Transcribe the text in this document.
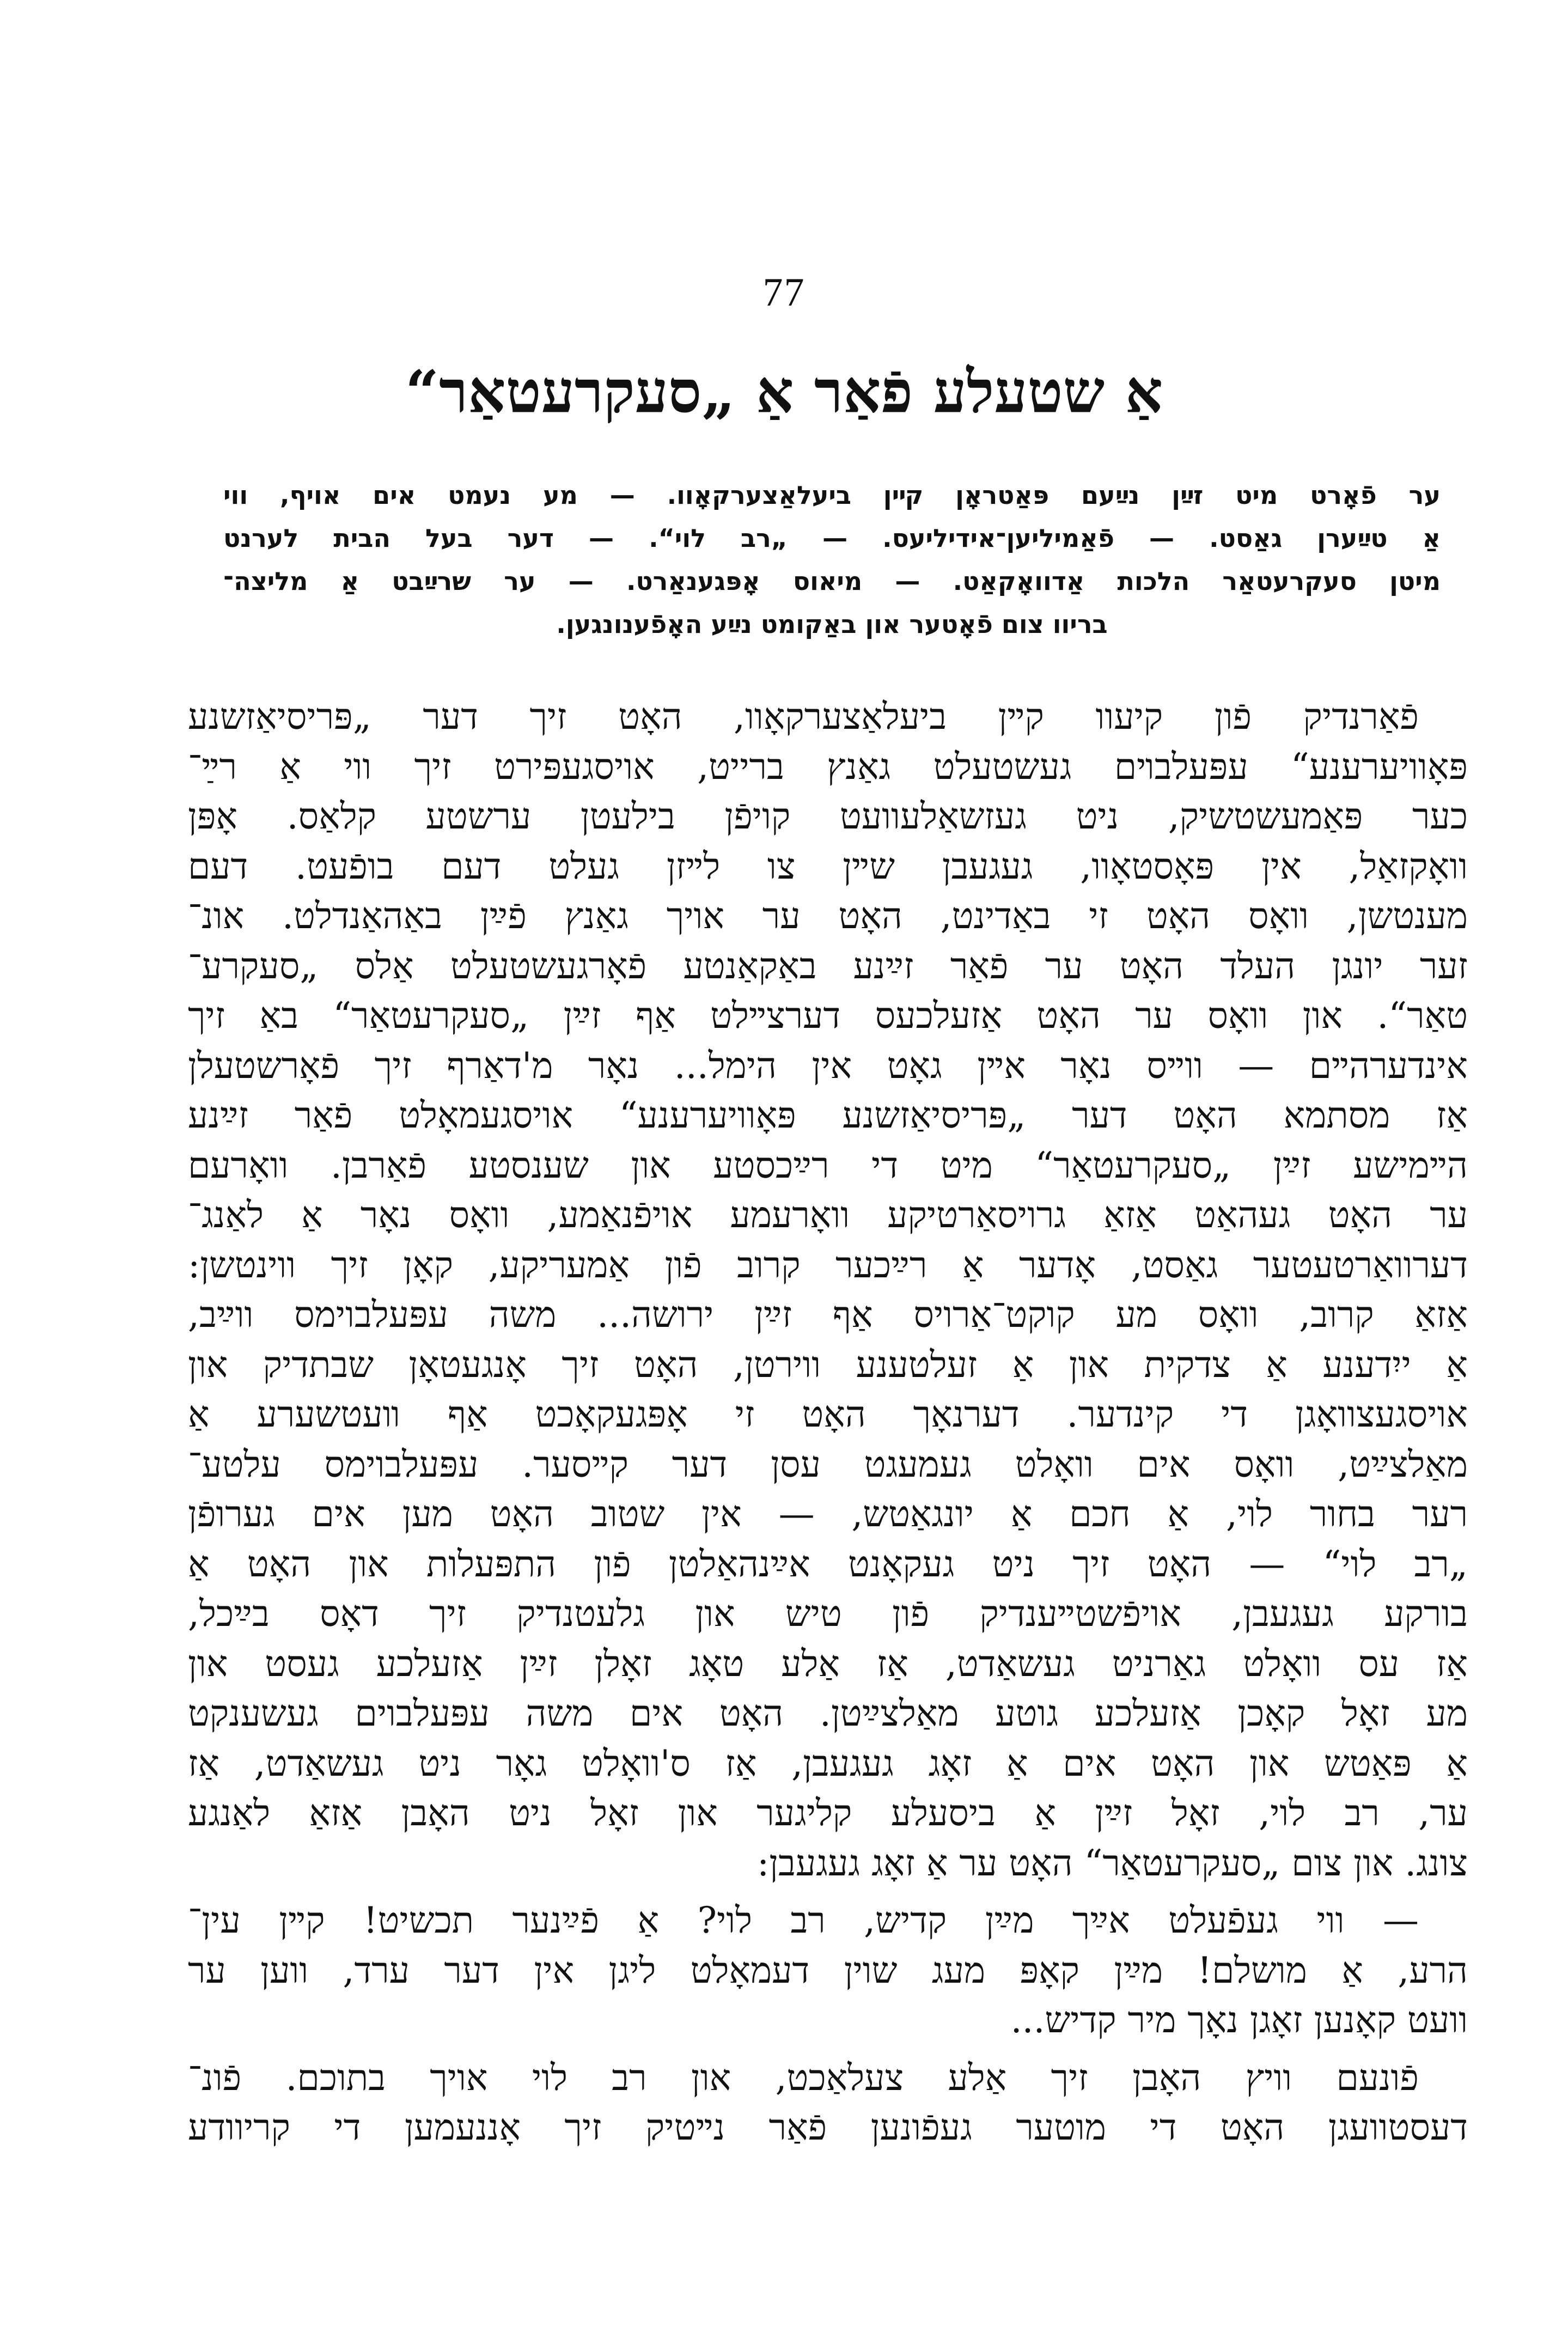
77
אַ שטעלע פֿאַר אַ „סעקרעטאַר“
ער פֿאָרט מיט זײַן נײַעם פּאַטראָן קײן ביעלאַצערקאָוו. — מע נעמט אים אויף, ווי
אַ טײַערן גאַסט. — פֿאַמיליען־אידיליעס. — „רב לוי“. — דער בעל הבית לערנט
מיטן סעקרעטאַר הלכות אַדוואָקאַט. — מיאוס אָפּגענאַרט. — ער שרײַבט אַ מליצה־
בריוו צום פֿאָטער און באַקומט נײַע האָפֿענונגען.
פֿאַרנדיק פֿון קיעוו קײן ביעלאַצערקאָוו, האָט זיך דער „פּריסיאַזשנע
פּאָוויערענע“ עפּעלבױם געשטעלט גאַנץ ברייט, אויסגעפּירט זיך ווי אַ רײַ־
כער פּאַמעשטשיק, ניט געזשאַלעוועט קויפֿן בילעטן ערשטע קלאַס. אָפּן
וואָקזאַל, אין פּאָסטאָוו, געגעבן שײן צו לײזן געלט דעם בופֿעט. דעם
מענטשן, וואָס האָט זי באַדינט, האָט ער אויך גאַנץ פֿײַן באַהאַנדלט. אונ־
זער יונגן העלד האָט ער פֿאַר זײַנע באַקאַנטע פֿאָרגעשטעלט אַלס „סעקרע־
טאַר“. און וואָס ער האָט אַזעלכעס דערצײלט אַף זײַן „סעקרעטאַר“ באַ זיך
אינדערהײם — ווײס נאָר אײן גאָט אין הימל... נאָר מ'דאַרף זיך פֿאָרשטעלן
אַז מסתמא האָט דער „פּריסיאַזשנע פּאָוויערענע“ אויסגעמאָלט פֿאַר זײַנע
הײמישע זײַן „סעקרעטאַר“ מיט די רײַכסטע און שענסטע פֿאַרבן. וואָרעם
ער האָט געהאַט אַזאַ גרויסאַרטיקע וואָרעמע אויפֿנאַמע, וואָס נאָר אַ לאַנג־
דערוואַרטעטער גאַסט, אָדער אַ רײַכער קרוב פֿון אַמעריקע, קאָן זיך ווינטשן:
אַזאַ קרוב, וואָס מע קוקט־אַרויס אַף זײַן ירושה... משה עפּעלבוימס ווײַב,
אַ ייִדענע אַ צדקית און אַ זעלטענע ווירטן, האָט זיך אָנגעטאָן שבתדיק און
אויסגעצוואָגן די קינדער. דערנאָך האָט זי אָפּגעקאָכט אַף װעטשערע אַ
מאַלצײַט, וואָס אים וואָלט געמעגט עסן דער קײסער. עפּעלבוימס עלטע־
רער בחור לוי, אַ חכם אַ יונגאַטש, — אין שטוב האָט מען אים גערופֿן
„רב לוי“ — האָט זיך ניט געקאָנט אײַנהאַלטן פֿון התפּעלות און האָט אַ
בורקע געגעבן, אויפֿשטײענדיק פֿון טיש און גלעטנדיק זיך דאָס בײַכל,
אַז עס וואָלט גאַרניט געשאַדט, אַז אַלע טאָג זאָלן זײַן אַזעלכע געסט און
מע זאָל קאָכן אַזעלכע גוטע מאַלצײַטן. האָט אים משה עפּעלבוים געשענקט
אַ פּאַטש און האָט אים אַ זאָג געגעבן, אַז ס'וואָלט גאָר ניט געשאַדט, אַז
ער, רב לוי, זאָל זײַן אַ ביסעלע קליגער און זאָל ניט האָבן אַזאַ לאַנגע
צונג. און צום „סעקרעטאַר“ האָט ער אַ זאָג געגעבן:
— ווי געפֿעלט אײַך מײַן קדיש, רב לוי? אַ פֿײַנער תכשיט! קײן עין־
הרע, אַ מושלם! מײַן קאָפּ מעג שוין דעמאָלט ליגן אין דער ערד, ווען ער
וועט קאָנען זאָגן נאָך מיר קדיש...
פֿונעם וויץ האָבן זיך אַלע צעלאַכט, און רב לוי אויך בתוכם. פֿונ־
דעסטוועגן האָט די מוטער געפֿונען פֿאַר נײטיק זיך אָננעמען די קריוודע
